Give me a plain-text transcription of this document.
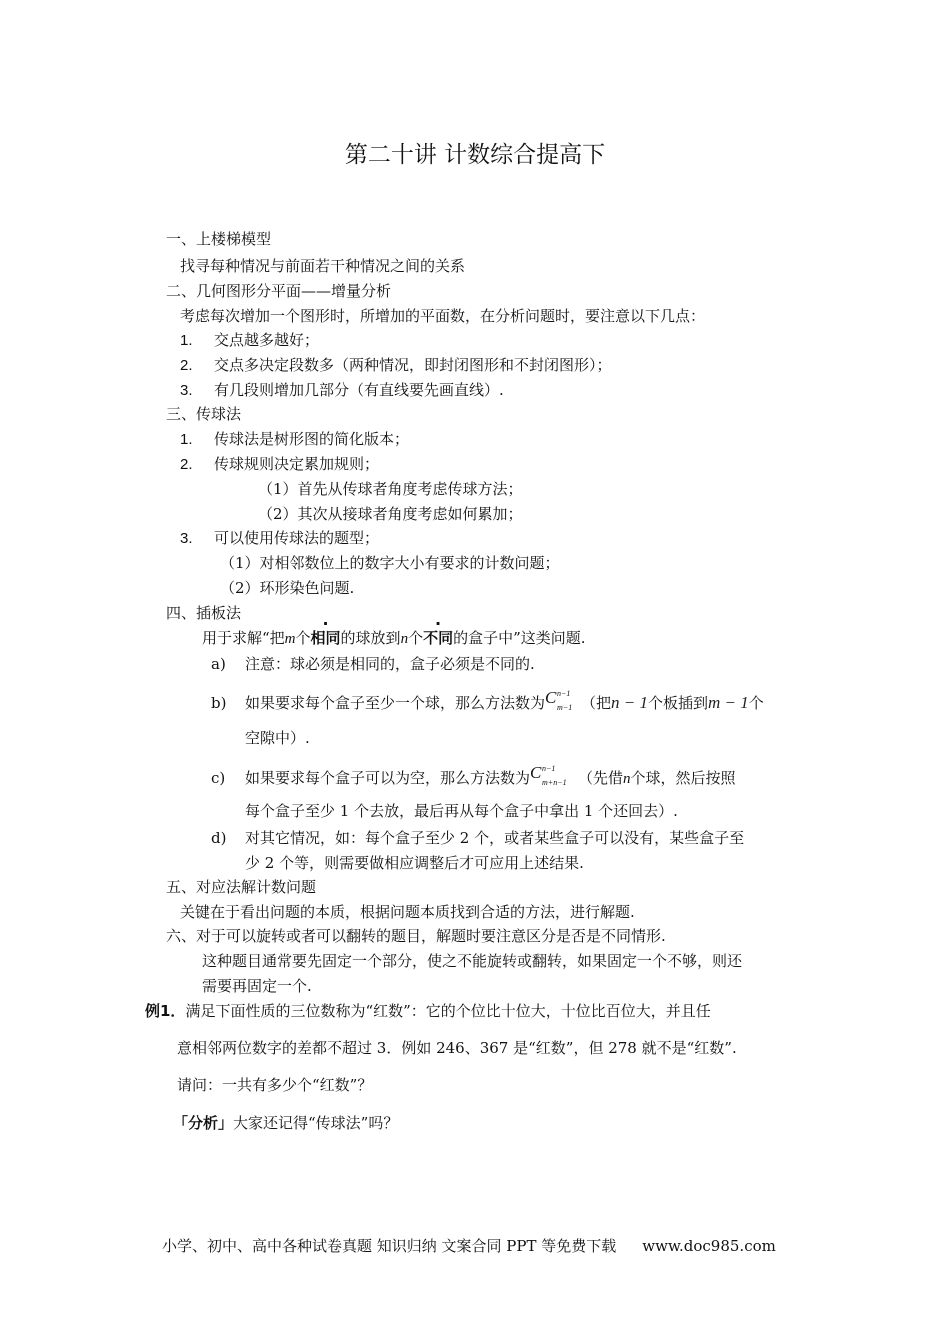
第二十讲 计数综合提高下
一、上楼梯模型
找寻每种情况与前面若干种情况之间的关系
二、几何图形分平面——增量分析
考虑每次增加一个图形时，所增加的平面数，在分析问题时，要注意以下几点：
1. 交点越多越好；
2. 交点多决定段数多（两种情况，即封闭图形和不封闭图形）；
3. 有几段则增加几部分（有直线要先画直线）.
三、传球法
1. 传球法是树形图的简化版本；
2. 传球规则决定累加规则；
（1）首先从传球者角度考虑传球方法；
（2）其次从接球者角度考虑如何累加；
3. 可以使用传球法的题型；
（1）对相邻数位上的数字大小有要求的计数问题；
（2）环形染色问题.
四、插板法
用于求解“把m个相同的球放到n个不同的盒子中”这类问题.
a) 注意：球必须是相同的，盒子必须是不同的.
b) 如果要求每个盒子至少一个球，那么方法数为 C n−1
m−1 （把n − 1个板插到m − 1个
空隙中）.
c) 如果要求每个盒子可以为空，那么方法数为 C n−1
m+n−1 （先借n个球，然后按照
每个盒子至少 1 个去放，最后再从每个盒子中拿出 1 个还回去）.
d) 对其它情况，如：每个盒子至少 2 个，或者某些盒子可以没有，某些盒子至
少 2 个等，则需要做相应调整后才可应用上述结果.
五、对应法解计数问题
关键在于看出问题的本质，根据问题本质找到合适的方法，进行解题.
六、对于可以旋转或者可以翻转的题目，解题时要注意区分是否是不同情形.
这种题目通常要先固定一个部分，使之不能旋转或翻转，如果固定一个不够，则还
需要再固定一个.
例1．满足下面性质的三位数称为“红数”：它的个位比十位大，十位比百位大，并且任
意相邻两位数字的差都不超过 3．例如 246、367 是“红数”，但 278 就不是“红数”.
请问：一共有多少个“红数”？
「分析」大家还记得“传球法”吗？
小学、初中、高中各种试卷真题 知识归纳 文案合同 PPT 等免费下载 www.doc985.com
